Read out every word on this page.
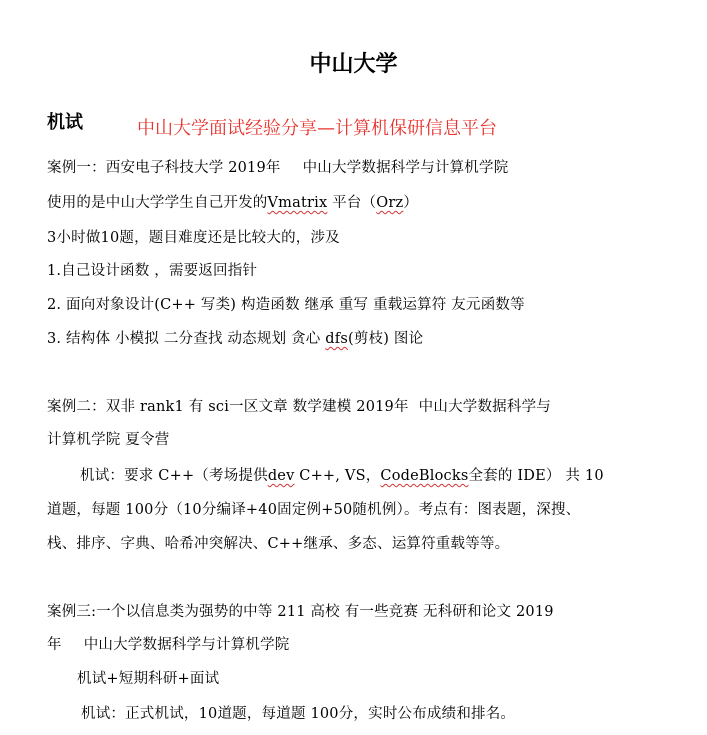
中山大学
机试	中山大学面试经验分享—计算机保研信息平台
案例一：西安电子科技大学 2019年 中山大学数据科学与计算机学院
使用的是中山大学学生自己开发的Vmatrix 平台（Orz）
3小时做10题，题目难度还是比较大的，涉及
1.自己设计函数 ，需要返回指针
2. 面向对象设计(C++ 写类) 构造函数 继承 重写 重载运算符 友元函数等
3. 结构体 小模拟 二分查找 动态规划 贪心 dfs(剪枝) 图论
案例二：双非 rank1 有 sci一区文章 数学建模 2019年 中山大学数据科学与
计算机学院 夏令营
机试：要求 C++（考场提供dev C++, VS，CodeBlocks全套的 IDE） 共 10
道题，每题 100分（10分编译+40固定例+50随机例）。考点有：图表题，深搜、
栈、排序、字典、哈希冲突解决、C++继承、多态、运算符重载等等。
案例三:一个以信息类为强势的中等 211 高校 有一些竞赛 无科研和论文 2019
年 中山大学数据科学与计算机学院
机试+短期科研+面试
机试：正式机试，10道题，每道题 100分，实时公布成绩和排名。
